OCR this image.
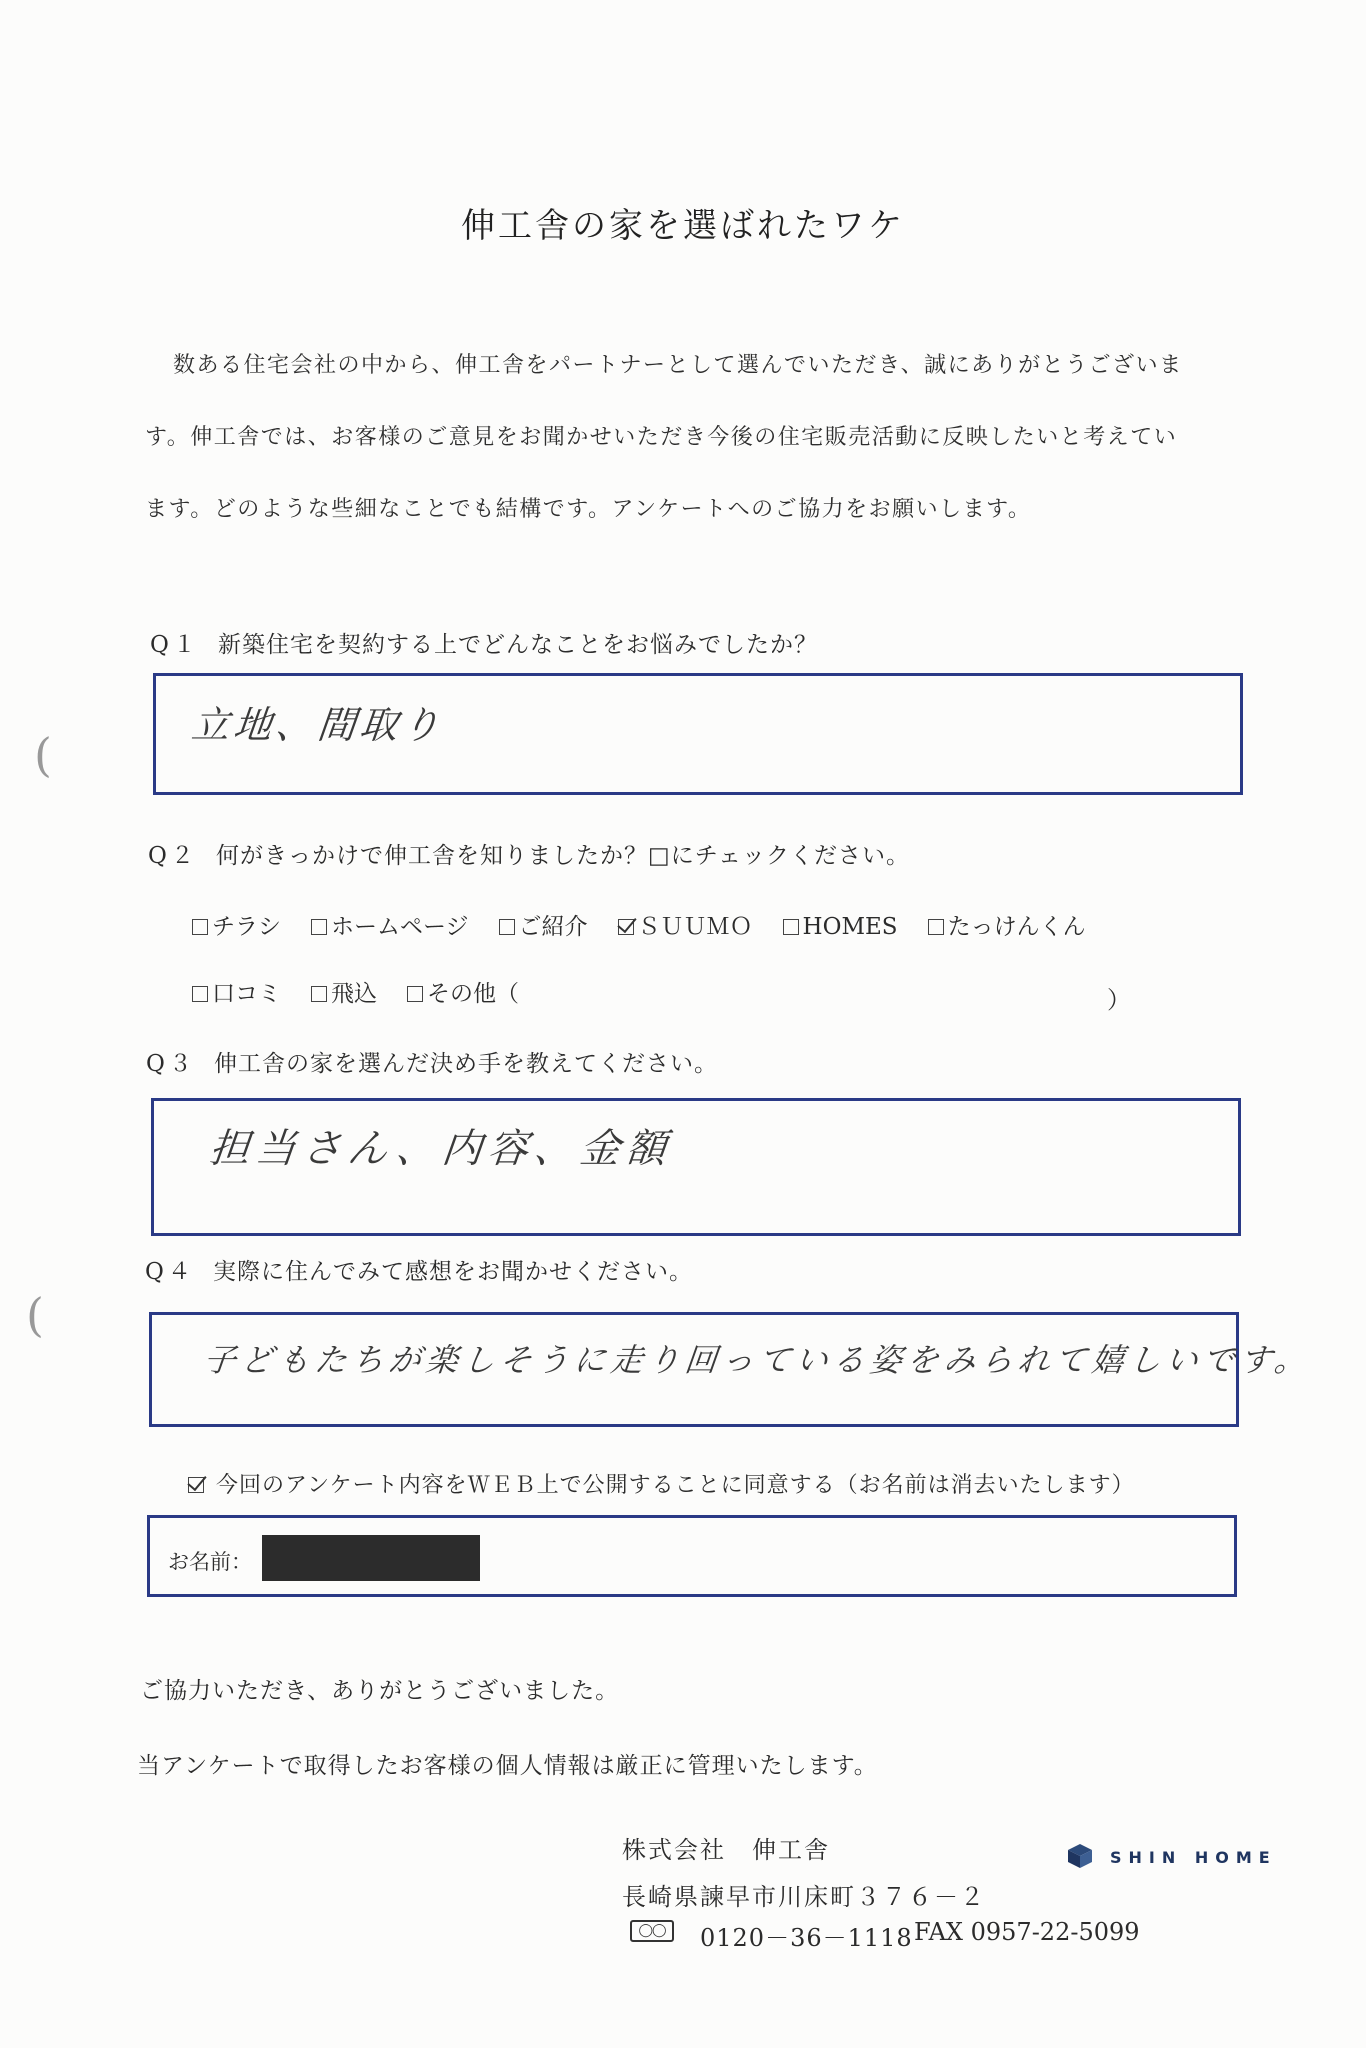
(
(
伸工舎の家を選ばれたワケ
数ある住宅会社の中から、伸工舎をパートナーとして選んでいただき、誠にありがとうございま
す。伸工舎では、お客様のご意見をお聞かせいただき今後の住宅販売活動に反映したいと考えてい
ます。どのような些細なことでも結構です。アンケートへのご協力をお願いします。
Q１ 新築住宅を契約する上でどんなことをお悩みでしたか？
立地、間取り
Q２ 何がきっかけで伸工舎を知りましたか？□にチェックください。
チラシ ホームページ ご紹介 ＳＵＵＭＯ HOMES たっけんくん
口コミ 飛込 その他（	）
Q３ 伸工舎の家を選んだ決め手を教えてください。
担当さん、内容、金額
Q４ 実際に住んでみて感想をお聞かせください。
子どもたちが楽しそうに走り回っている姿をみられて嬉しいです。
今回のアンケート内容をＷＥＢ上で公開することに同意する（お名前は消去いたします）
お名前：
ご協力いただき、ありがとうございました。
当アンケートで取得したお客様の個人情報は厳正に管理いたします。
株式会社　伸工舎
長崎県諫早市川床町３７６－２
◯◯	0120－36－1118 FAX 0957-22-5099
SHIN HOME
